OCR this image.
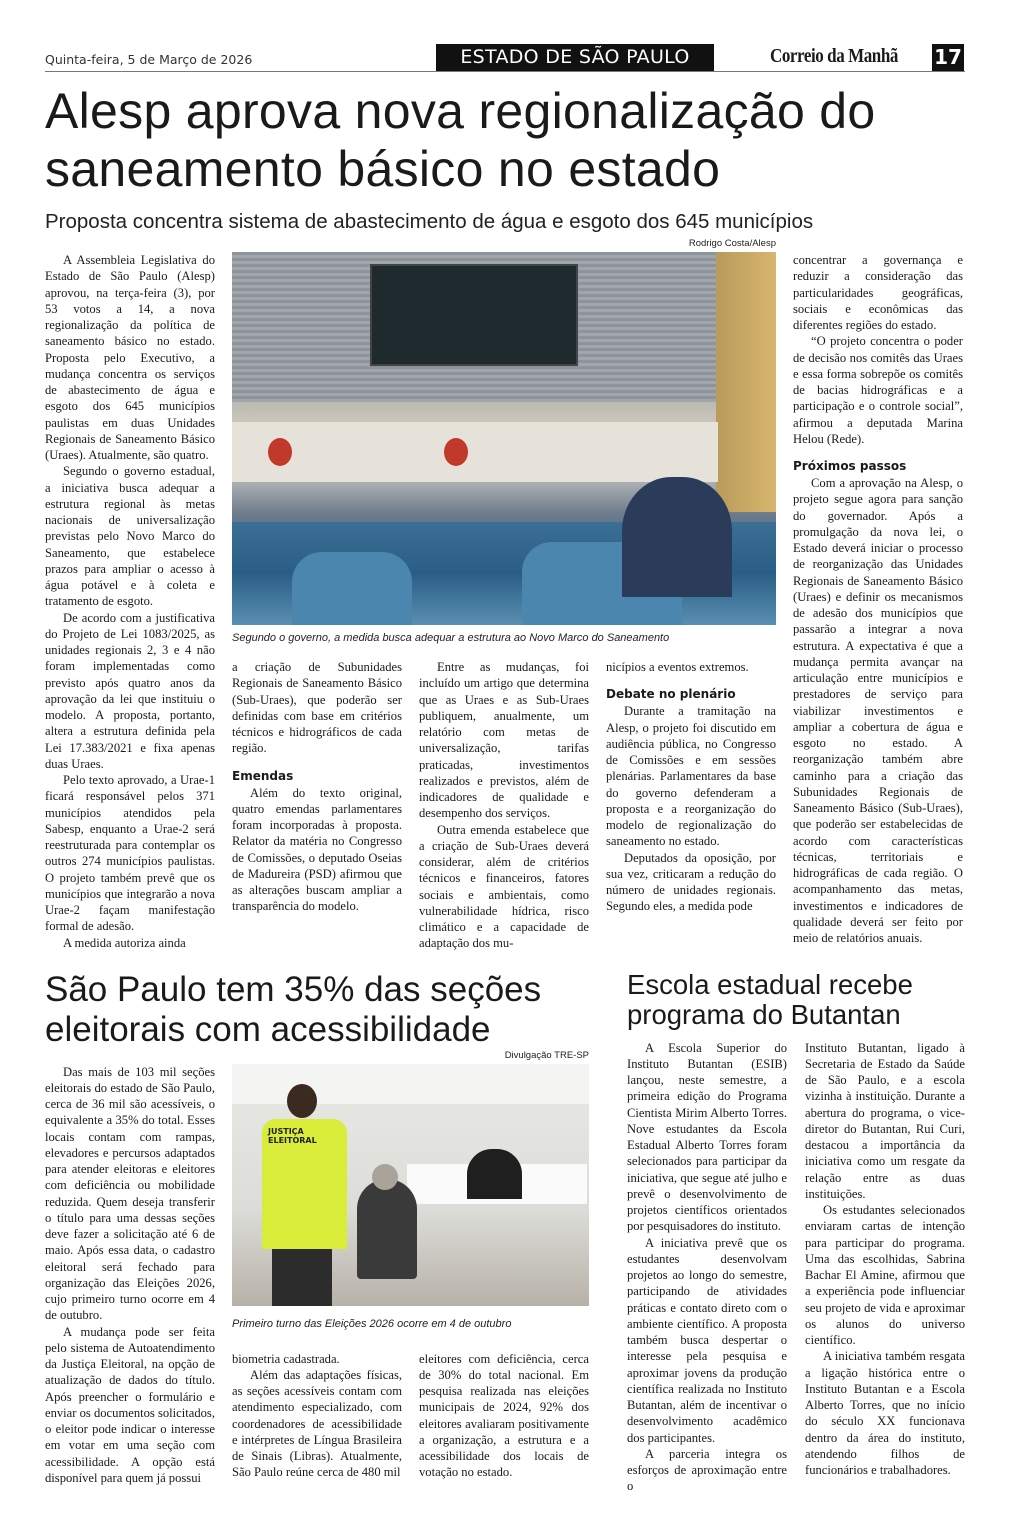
Quinta-feira, 5 de Março de 2026	ESTADO DE SÃO PAULO	Correio da Manhã 17
Alesp aprova nova regionalização do saneamento básico no estado
Proposta concentra sistema de abastecimento de água e esgoto dos 645 municípios
Rodrigo Costa/Alesp

A Assembleia Legislativa do Estado de São Paulo (Alesp) aprovou, na terça-feira (3), por 53 votos a 14, a nova regionalização da política de saneamento básico no estado. Proposta pelo Executivo, a mudança concentra os serviços de abastecimento de água e esgoto dos 645 municípios paulistas em duas Unidades Regionais de Saneamento Básico (Uraes). Atualmente, são quatro.

Segundo o governo estadual, a iniciativa busca adequar a estrutura regional às metas nacionais de universalização previstas pelo Novo Marco do Saneamento, que estabelece prazos para ampliar o acesso à água potável e à coleta e tratamento de esgoto.

De acordo com a justificativa do Projeto de Lei 1083/2025, as unidades regionais 2, 3 e 4 não foram implementadas como previsto após quatro anos da aprovação da lei que instituiu o modelo. A proposta, portanto, altera a estrutura definida pela Lei 17.383/2021 e fixa apenas duas Uraes.

Pelo texto aprovado, a Urae-1 ficará responsável pelos 371 municípios atendidos pela Sabesp, enquanto a Urae-2 será reestruturada para contemplar os outros 274 municípios paulistas. O projeto também prevê que os municípios que integrarão a nova Urae-2 façam manifestação formal de adesão.

A medida autoriza ainda

Segundo o governo, a medida busca adequar a estrutura ao Novo Marco do Saneamento

a criação de Subunidades Regionais de Saneamento Básico (Sub-Uraes), que poderão ser definidas com base em critérios técnicos e hidrográficos de cada região.

Emendas

Além do texto original, quatro emendas parlamentares foram incorporadas à proposta. Relator da matéria no Congresso de Comissões, o deputado Oseias de Madureira (PSD) afirmou que as alterações buscam ampliar a transparência do modelo.

Entre as mudanças, foi incluído um artigo que determina que as Uraes e as Sub-Uraes publiquem, anualmente, um relatório com metas de universalização, tarifas praticadas, investimentos realizados e previstos, além de indicadores de qualidade e desempenho dos serviços.

Outra emenda estabelece que a criação de Sub-Uraes deverá considerar, além de critérios técnicos e financeiros, fatores sociais e ambientais, como vulnerabilidade hídrica, risco climático e a capacidade de adaptação dos mu-

nicípios a eventos extremos.

Debate no plenário

Durante a tramitação na Alesp, o projeto foi discutido em audiência pública, no Congresso de Comissões e em sessões plenárias. Parlamentares da base do governo defenderam a proposta e a reorganização do modelo de regionalização do saneamento no estado.

Deputados da oposição, por sua vez, criticaram a redução do número de unidades regionais. Segundo eles, a medida pode

concentrar a governança e reduzir a consideração das particularidades geográficas, sociais e econômicas das diferentes regiões do estado.

“O projeto concentra o poder de decisão nos comitês das Uraes e essa forma sobrepõe os comitês de bacias hidrográficas e a participação e o controle social”, afirmou a deputada Marina Helou (Rede).

Próximos passos

Com a aprovação na Alesp, o projeto segue agora para sanção do governador. Após a promulgação da nova lei, o Estado deverá iniciar o processo de reorganização das Unidades Regionais de Saneamento Básico (Uraes) e definir os mecanismos de adesão dos municípios que passarão a integrar a nova estrutura. A expectativa é que a mudança permita avançar na articulação entre municípios e prestadores de serviço para viabilizar investimentos e ampliar a cobertura de água e esgoto no estado. A reorganização também abre caminho para a criação das Subunidades Regionais de Saneamento Básico (Sub-Uraes), que poderão ser estabelecidas de acordo com características técnicas, territoriais e hidrográficas de cada região. O acompanhamento das metas, investimentos e indicadores de qualidade deverá ser feito por meio de relatórios anuais.

São Paulo tem 35% das seções eleitorais com acessibilidade
Divulgação TRE-SP

Das mais de 103 mil seções eleitorais do estado de São Paulo, cerca de 36 mil são acessíveis, o equivalente a 35% do total. Esses locais contam com rampas, elevadores e percursos adaptados para atender eleitoras e eleitores com deficiência ou mobilidade reduzida. Quem deseja transferir o título para uma dessas seções deve fazer a solicitação até 6 de maio. Após essa data, o cadastro eleitoral será fechado para organização das Eleições 2026, cujo primeiro turno ocorre em 4 de outubro.

A mudança pode ser feita pelo sistema de Autoatendimento da Justiça Eleitoral, na opção de atualização de dados do título. Após preencher o formulário e enviar os documentos solicitados, o eleitor pode indicar o interesse em votar em uma seção com acessibilidade. A opção está disponível para quem já possui

JUSTIÇA ELEITORAL
Primeiro turno das Eleições 2026 ocorre em 4 de outubro

biometria cadastrada.

Além das adaptações físicas, as seções acessíveis contam com atendimento especializado, com coordenadores de acessibilidade e intérpretes de Língua Brasileira de Sinais (Libras). Atualmente, São Paulo reúne cerca de 480 mil

eleitores com deficiência, cerca de 30% do total nacional. Em pesquisa realizada nas eleições municipais de 2024, 92% dos eleitores avaliaram positivamente a organização, a estrutura e a acessibilidade dos locais de votação no estado.

Escola estadual recebe programa do Butantan

A Escola Superior do Instituto Butantan (ESIB) lançou, neste semestre, a primeira edição do Programa Cientista Mirim Alberto Torres. Nove estudantes da Escola Estadual Alberto Torres foram selecionados para participar da iniciativa, que segue até julho e prevê o desenvolvimento de projetos científicos orientados por pesquisadores do instituto.

A iniciativa prevê que os estudantes desenvolvam projetos ao longo do semestre, participando de atividades práticas e contato direto com o ambiente científico. A proposta também busca despertar o interesse pela pesquisa e aproximar jovens da produção científica realizada no Instituto Butantan, além de incentivar o desenvolvimento acadêmico dos participantes.

A parceria integra os esforços de aproximação entre o

Instituto Butantan, ligado à Secretaria de Estado da Saúde de São Paulo, e a escola vizinha à instituição. Durante a abertura do programa, o vice-diretor do Butantan, Rui Curi, destacou a importância da iniciativa como um resgate da relação entre as duas instituições.

Os estudantes selecionados enviaram cartas de intenção para participar do programa. Uma das escolhidas, Sabrina Bachar El Amine, afirmou que a experiência pode influenciar seu projeto de vida e aproximar os alunos do universo científico.

A iniciativa também resgata a ligação histórica entre o Instituto Butantan e a Escola Alberto Torres, que no início do século XX funcionava dentro da área do instituto, atendendo filhos de funcionários e trabalhadores.
